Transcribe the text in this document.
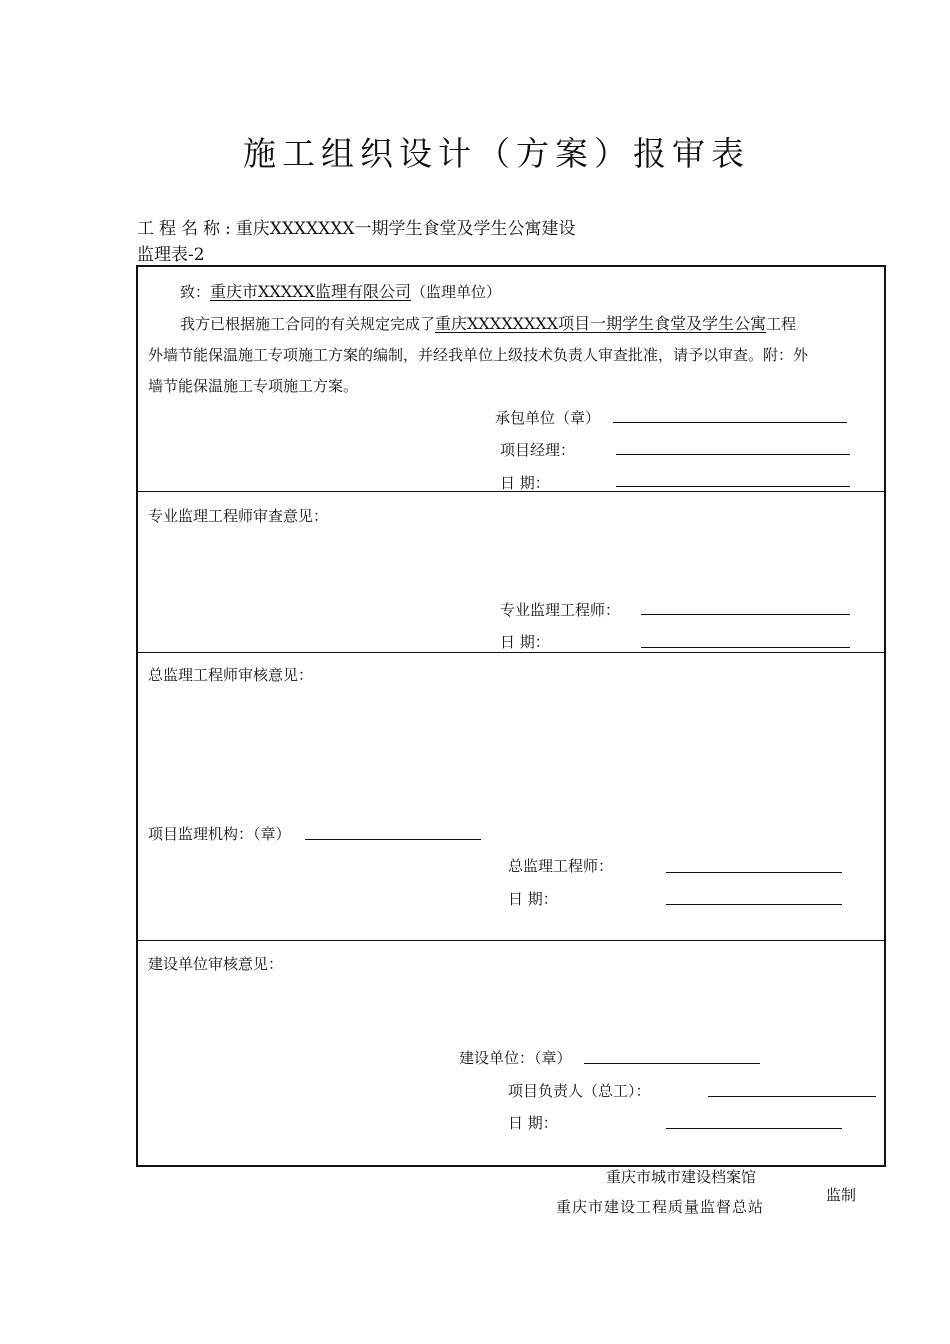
施工组织设计（方案）报审表
工程名称:重庆XXXXXXX一期学生食堂及学生公寓建设
监理表-2
致：重庆市XXXXX监理有限公司（监理单位）
我方已根据施工合同的有关规定完成了重庆XXXXXXXX项目一期学生食堂及学生公寓工程
外墙节能保温施工专项施工方案的编制，并经我单位上级技术负责人审查批准，请予以审查。附：外
墙节能保温施工专项施工方案。
承包单位（章）
项目经理：
日 期：
专业监理工程师审查意见：
专业监理工程师：
日 期：
总监理工程师审核意见：
项目监理机构：（章）
总监理工程师：
日 期：
建设单位审核意见：
建设单位：（章）
项目负责人（总工）：
日 期：
重庆市城市建设档案馆
重庆市建设工程质量监督总站
监制
